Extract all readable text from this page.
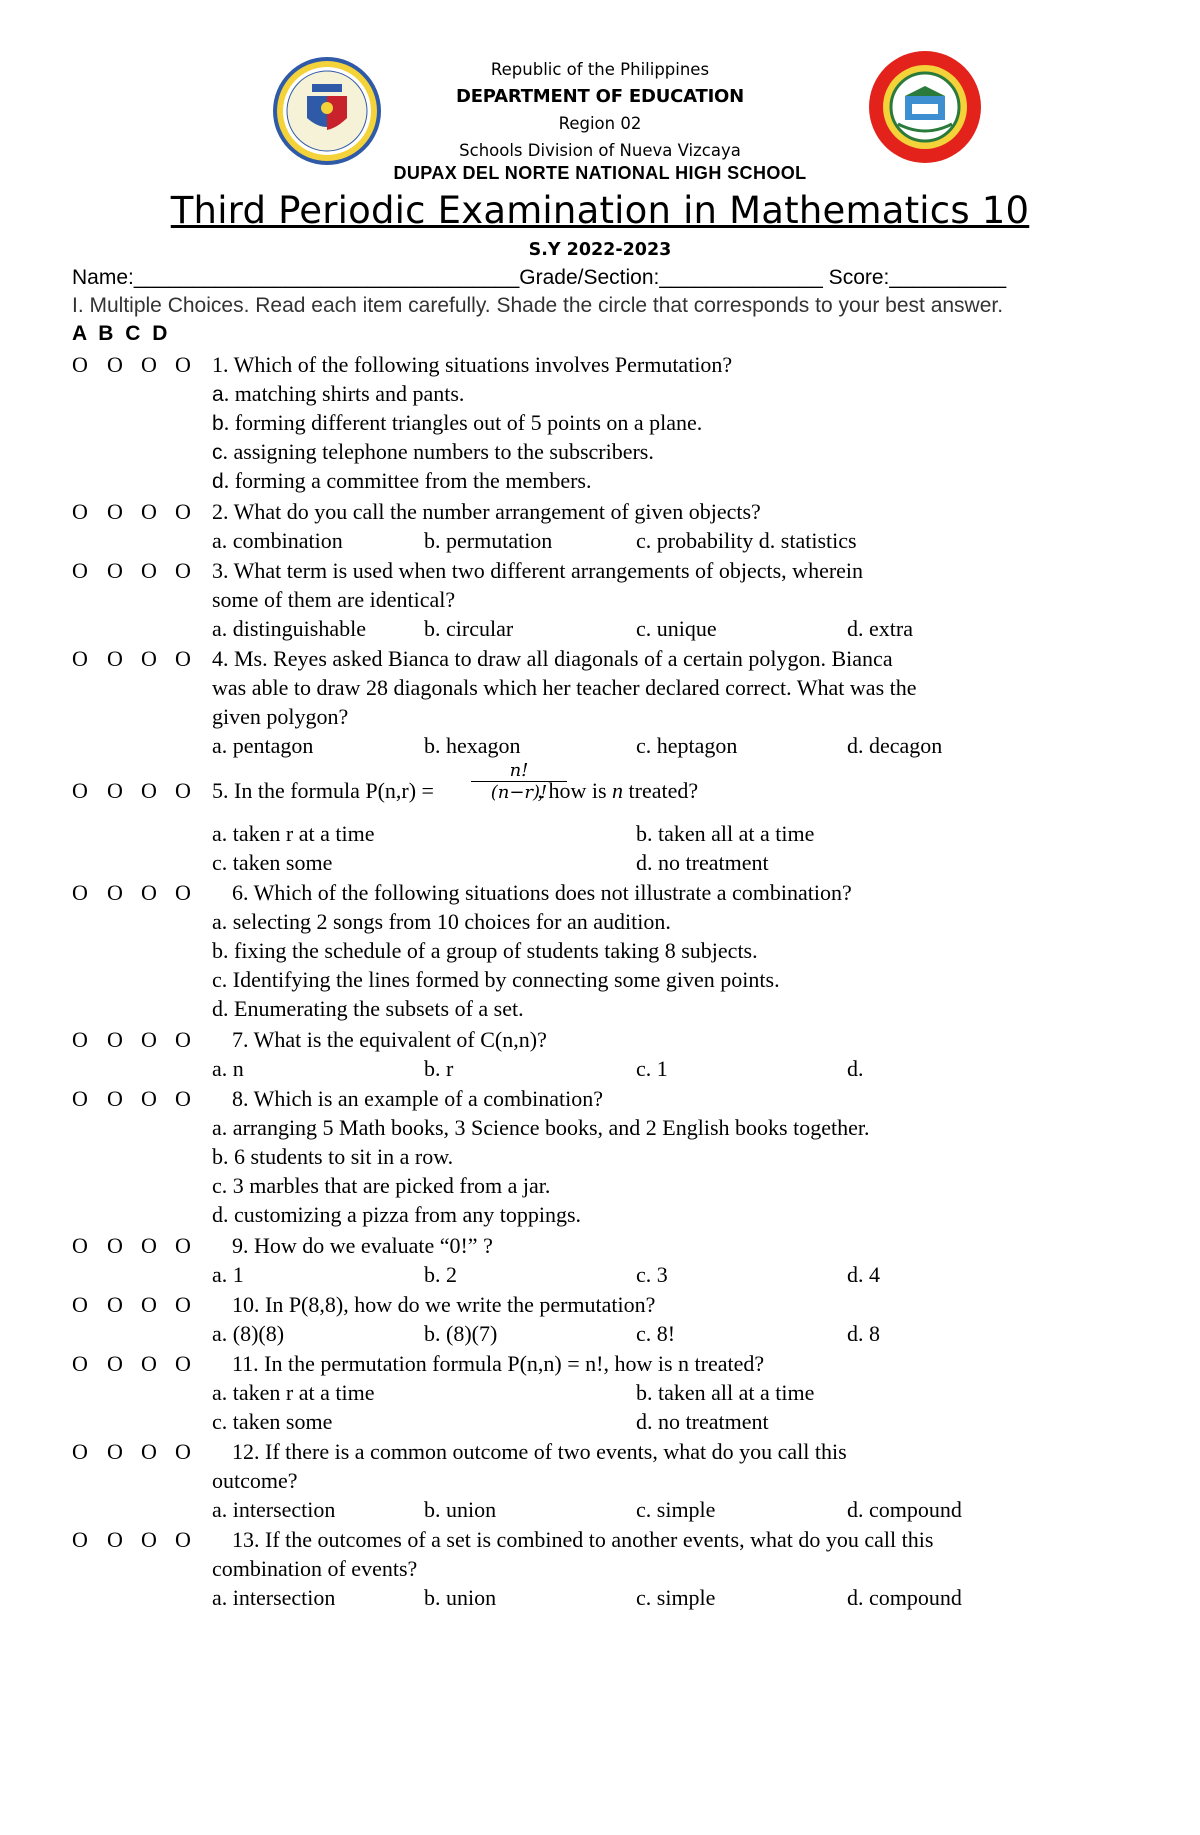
Republic of the Philippines
DEPARTMENT OF EDUCATION
Region 02
Schools Division of Nueva Vizcaya
DUPAX DEL NORTE NATIONAL HIGH SCHOOL
Third Periodic Examination in Mathematics 10
S.Y 2022-2023
Name:_________________________________Grade/Section:______________ Score:__________
I. Multiple Choices. Read each item carefully. Shade the circle that corresponds to your best answer.
A B C D
O O O O 1. Which of the following situations involves Permutation?
a. matching shirts and pants.
b. forming different triangles out of 5 points on a plane.
c. assigning telephone numbers to the subscribers.
d. forming a committee from the members.
O O O O 2. What do you call the number arrangement of given objects?
a. combination	b. permutation	c. probability d. statistics
O O O O 3. What term is used when two different arrangements of objects, wherein
some of them are identical?
a. distinguishable	b. circular	c. unique	d. extra
O O O O 4. Ms. Reyes asked Bianca to draw all diagonals of a certain polygon. Bianca
was able to draw 28 diagonals which her teacher declared correct. What was the
given polygon?
a. pentagon	b. hexagon	c. heptagon	d. decagon
O O O O 5. In the formula P(n,r) =	, how is n treated?
$\frac{n!}{(n-r)!}$
a. taken r at a time	b. taken all at a time
c. taken some	d. no treatment
O O O O 6. Which of the following situations does not illustrate a combination?
a. selecting 2 songs from 10 choices for an audition.
b. fixing the schedule of a group of students taking 8 subjects.
c. Identifying the lines formed by connecting some given points.
d. Enumerating the subsets of a set.
O O O O 7. What is the equivalent of C(n,n)?
a. n	b. r	c. 1	d.
O O O O 8. Which is an example of a combination?
a. arranging 5 Math books, 3 Science books, and 2 English books together.
b. 6 students to sit in a row.
c. 3 marbles that are picked from a jar.
d. customizing a pizza from any toppings.
O O O O 9. How do we evaluate “0!” ?
a. 1	b. 2	c. 3	d. 4
O O O O 10. In P(8,8), how do we write the permutation?
a. (8)(8)	b. (8)(7)	c. 8!	d. 8
O O O O 11. In the permutation formula P(n,n) = n!, how is n treated?
a. taken r at a time	b. taken all at a time
c. taken some	d. no treatment
O O O O 12. If there is a common outcome of two events, what do you call this
outcome?
a. intersection	b. union	c. simple	d. compound
O O O O 13. If the outcomes of a set is combined to another events, what do you call this
combination of events?
a. intersection	b. union	c. simple	d. compound
